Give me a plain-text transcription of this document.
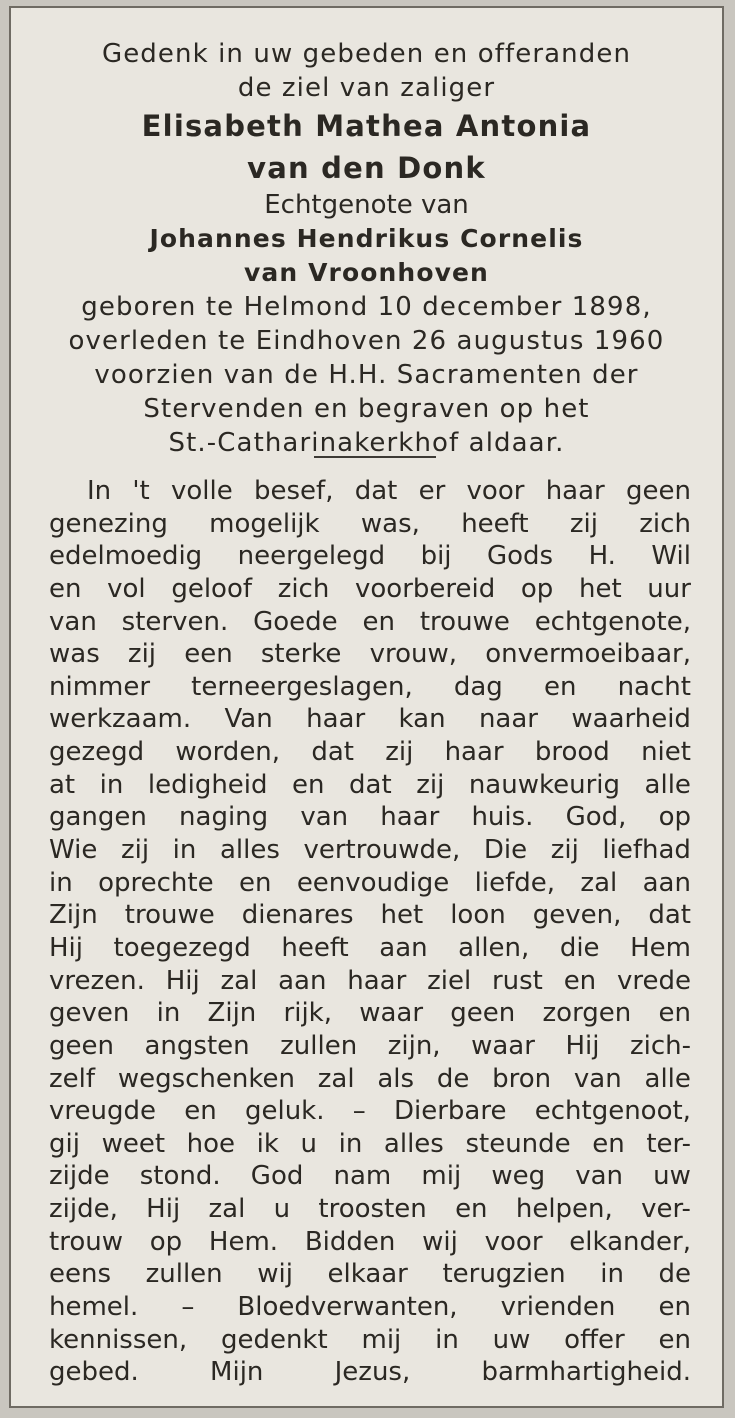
Gedenk in uw gebeden en offeranden
de ziel van zaliger
Elisabeth Mathea Antonia
van den Donk
Echtgenote van
Johannes Hendrikus Cornelis
van Vroonhoven
geboren te Helmond 10 december 1898,
overleden te Eindhoven 26 augustus 1960
voorzien van de H.H. Sacramenten der
Stervenden en begraven op het
St.-Catharinakerkhof aldaar.
In 't volle besef, dat er voor haar geen
genezing mogelijk was, heeft zij zich
edelmoedig neergelegd bij Gods H. Wil
en vol geloof zich voorbereid op het uur
van sterven. Goede en trouwe echtgenote,
was zij een sterke vrouw, onvermoeibaar,
nimmer terneergeslagen, dag en nacht
werkzaam. Van haar kan naar waarheid
gezegd worden, dat zij haar brood niet
at in ledigheid en dat zij nauwkeurig alle
gangen naging van haar huis. God, op
Wie zij in alles vertrouwde, Die zij liefhad
in oprechte en eenvoudige liefde, zal aan
Zijn trouwe dienares het loon geven, dat
Hij toegezegd heeft aan allen, die Hem
vrezen. Hij zal aan haar ziel rust en vrede
geven in Zijn rijk, waar geen zorgen en
geen angsten zullen zijn, waar Hij zich-
zelf wegschenken zal als de bron van alle
vreugde en geluk. – Dierbare echtgenoot,
gij weet hoe ik u in alles steunde en ter-
zijde stond. God nam mij weg van uw
zijde, Hij zal u troosten en helpen, ver-
trouw op Hem. Bidden wij voor elkander,
eens zullen wij elkaar terugzien in de
hemel. – Bloedverwanten, vrienden en
kennissen, gedenkt mij in uw offer en
gebed.	Mijn	Jezus,	barmhartigheid.
